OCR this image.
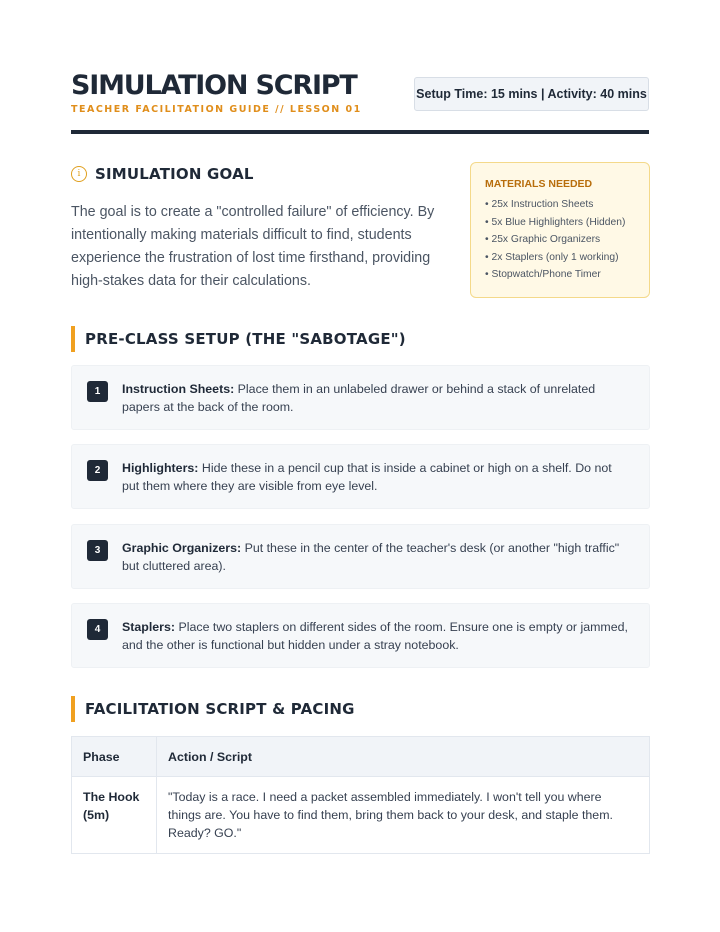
SIMULATION SCRIPT
TEACHER FACILITATION GUIDE // LESSON 01
Setup Time: 15 mins | Activity: 40 mins
i SIMULATION GOAL

The goal is to create a "controlled failure" of efficiency. By intentionally making materials difficult to find, students experience the frustration of lost time firsthand, providing high-stakes data for their calculations.

MATERIALS NEEDED
• 25x Instruction Sheets
• 5x Blue Highlighters (Hidden)
• 25x Graphic Organizers
• 2x Staplers (only 1 working)
• Stopwatch/Phone Timer
PRE-CLASS SETUP (THE "SABOTAGE")
1	Instruction Sheets: Place them in an unlabeled drawer or behind a stack of unrelated papers at the back of the room.
2	Highlighters: Hide these in a pencil cup that is inside a cabinet or high on a shelf. Do not put them where they are visible from eye level.
3	Graphic Organizers: Put these in the center of the teacher's desk (or another "high traffic" but cluttered area).
4	Staplers: Place two staplers on different sides of the room. Ensure one is empty or jammed, and the other is functional but hidden under a stray notebook.
FACILITATION SCRIPT & PACING
Phase	Action / Script
The Hook (5m)	"Today is a race. I need a packet assembled immediately. I won't tell you where things are. You have to find them, bring them back to your desk, and staple them. Ready? GO."
